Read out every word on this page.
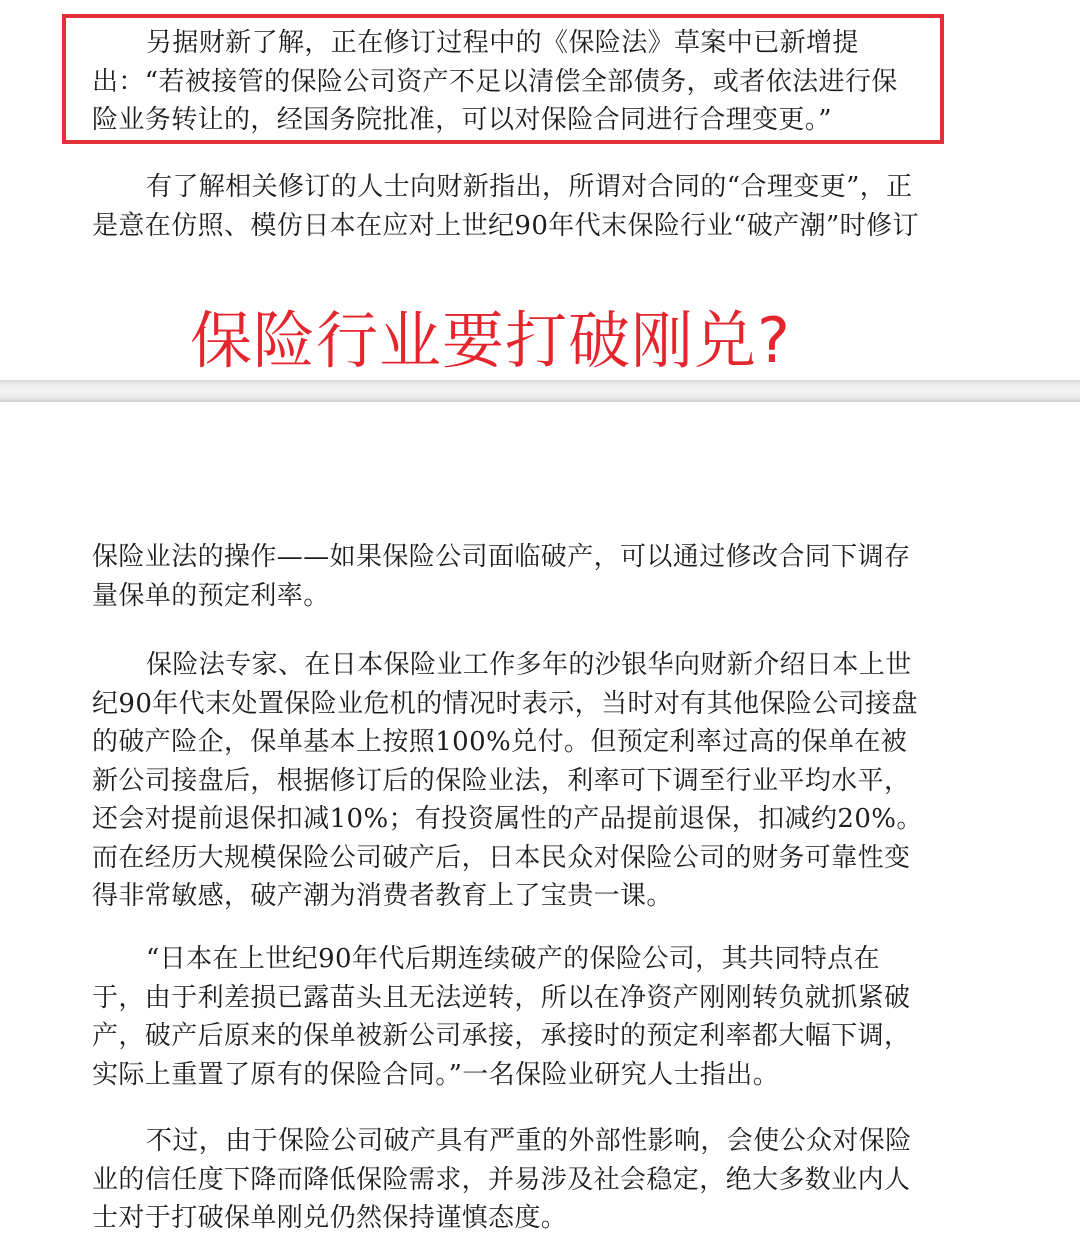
另据财新了解，正在修订过程中的《保险法》草案中已新增提
出：“若被接管的保险公司资产不足以清偿全部债务，或者依法进行保
险业务转让的，经国务院批准，可以对保险合同进行合理变更。”

有了解相关修订的人士向财新指出，所谓对合同的“合理变更”，正
是意在仿照、模仿日本在应对上世纪90年代末保险行业“破产潮”时修订

保险行业要打破刚兑?

保险业法的操作——如果保险公司面临破产，可以通过修改合同下调存
量保单的预定利率。

保险法专家、在日本保险业工作多年的沙银华向财新介绍日本上世
纪90年代末处置保险业危机的情况时表示，当时对有其他保险公司接盘
的破产险企，保单基本上按照100%兑付。但预定利率过高的保单在被
新公司接盘后，根据修订后的保险业法，利率可下调至行业平均水平，
还会对提前退保扣减10%；有投资属性的产品提前退保，扣减约20%。
而在经历大规模保险公司破产后，日本民众对保险公司的财务可靠性变
得非常敏感，破产潮为消费者教育上了宝贵一课。

“日本在上世纪90年代后期连续破产的保险公司，其共同特点在
于，由于利差损已露苗头且无法逆转，所以在净资产刚刚转负就抓紧破
产，破产后原来的保单被新公司承接，承接时的预定利率都大幅下调，
实际上重置了原有的保险合同。”一名保险业研究人士指出。

不过，由于保险公司破产具有严重的外部性影响，会使公众对保险
业的信任度下降而降低保险需求，并易涉及社会稳定，绝大多数业内人
士对于打破保单刚兑仍然保持谨慎态度。
